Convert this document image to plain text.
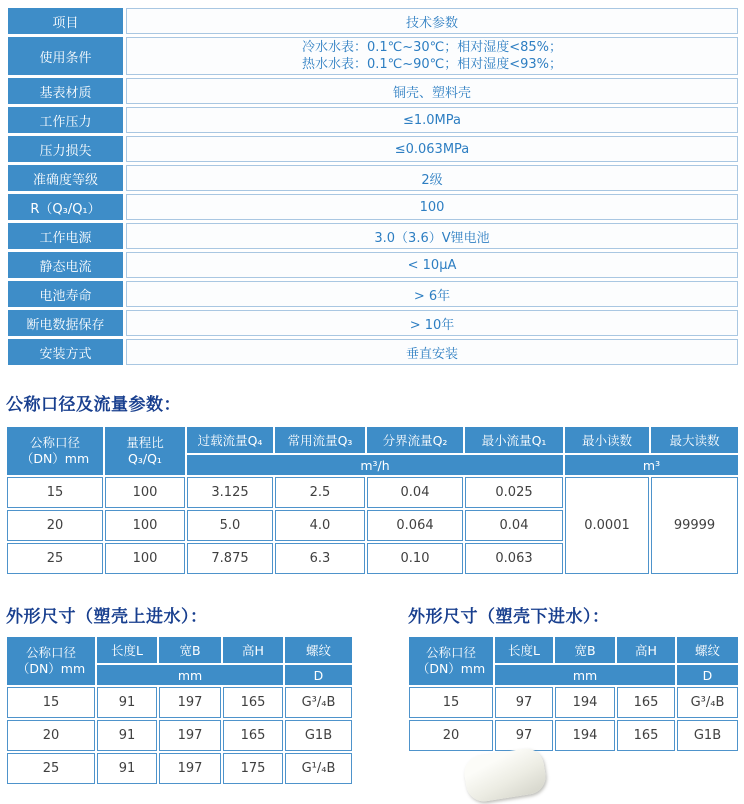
项目	技术参数
使用条件	冷水水表：0.1℃~30℃；相对湿度<85%；
热水水表：0.1℃~90℃；相对湿度<93%；

基表材质	铜壳、塑料壳
工作压力	≤1.0MPa
压力损失	≤0.063MPa
准确度等级	2级
R（Q₃/Q₁）	100
工作电源	3.0（3.6）V锂电池
静态电流	< 10μA
电池寿命	> 6年
断电数据保存	> 10年
安装方式	垂直安装
公称口径及流量参数：
公称口径
（DN）mm

量程比
Q₃/Q₁
	过载流量Q₄	常用流量Q₃	分界流量Q₂	最小流量Q₁	最小读数	最大读数
		m³/h				m³	
15	100	3.125	2.5	0.04	0.025	0.0001	99999
20	100	5.0	4.0	0.064	0.04		
25	100	7.875	6.3	0.10	0.063		
外形尺寸（塑壳上进水）：
公称口径
（DN）mm	长度L	宽B	高H	螺纹
	mm			D
15	91	197	165	G³/₄B
20	91	197	165	G1B
25	91	197	175	G¹/₄B
外形尺寸（塑壳下进水）：
公称口径
（DN）mm	长度L	宽B	高H	螺纹
	mm			D
15	97	194	165	G³/₄B
20	97	194	165	G1B
